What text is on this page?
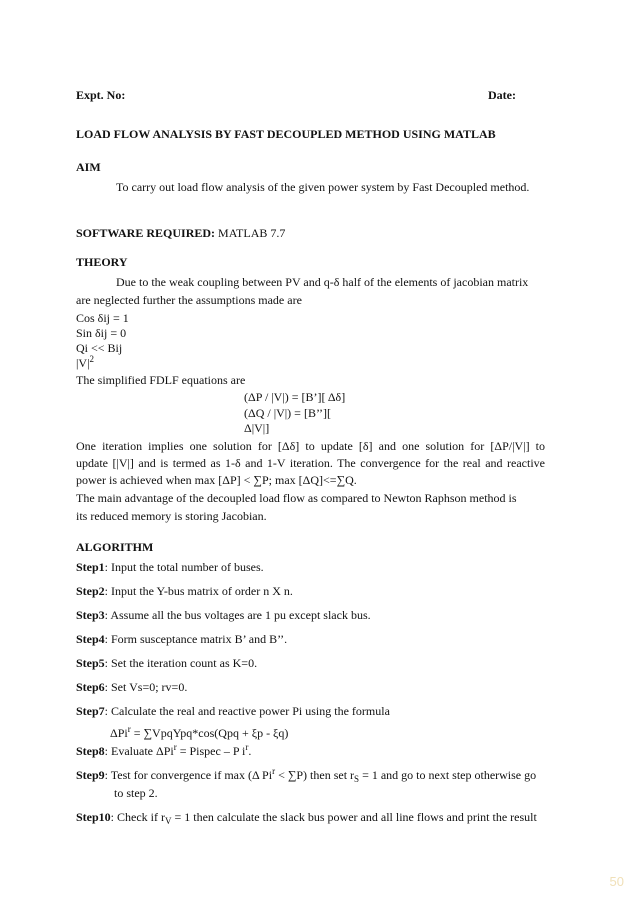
Expt. No:	Date:
LOAD FLOW ANALYSIS BY FAST DECOUPLED METHOD USING MATLAB
AIM
To carry out load flow analysis of the given power system by Fast Decoupled method.
SOFTWARE REQUIRED: MATLAB 7.7
THEORY
Due to the weak coupling between PV and q-δ half of the elements of jacobian matrix
are neglected further the assumptions made are
Cos δij = 1
Sin δij = 0
Qi << Bij
$|V|^2$
The simplified FDLF equations are
(ΔP / |V|) = [B’][ Δδ]
(ΔQ / |V|) = [B’’][
Δ|V|]
One iteration implies one solution for [Δδ] to update [δ] and one solution for [ΔP/|V|] to
update [|V|] and is termed as 1-δ and 1-V iteration. The convergence for the real and reactive
power is achieved when max [ΔP] < ∑P; max [ΔQ]<=∑Q.
The main advantage of the decoupled load flow as compared to Newton Raphson method is
its reduced memory is storing Jacobian.
ALGORITHM
Step1: Input the total number of buses.
Step2: Input the Y-bus matrix of order n X n.
Step3: Assume all the bus voltages are 1 pu except slack bus.
Step4: Form susceptance matrix B’ and B’’.
Step5: Set the iteration count as K=0.
Step6: Set Vs=0; rv=0.
Step7: Calculate the real and reactive power Pi using the formula
ΔPi$^r$ = ∑VpqYpq*cos(Qpq + ξp - ξq)
Step8: Evaluate ΔPi$^r$ = Pispec – P $i^r$.
Step9: Test for convergence if max (Δ $Pi^r < \sum P$) then set $r_S = 1$ and go to next step otherwise go
to step 2.
Step10: Check if $r_V = 1$ then calculate the slack bus power and all line flows and print the result
50
